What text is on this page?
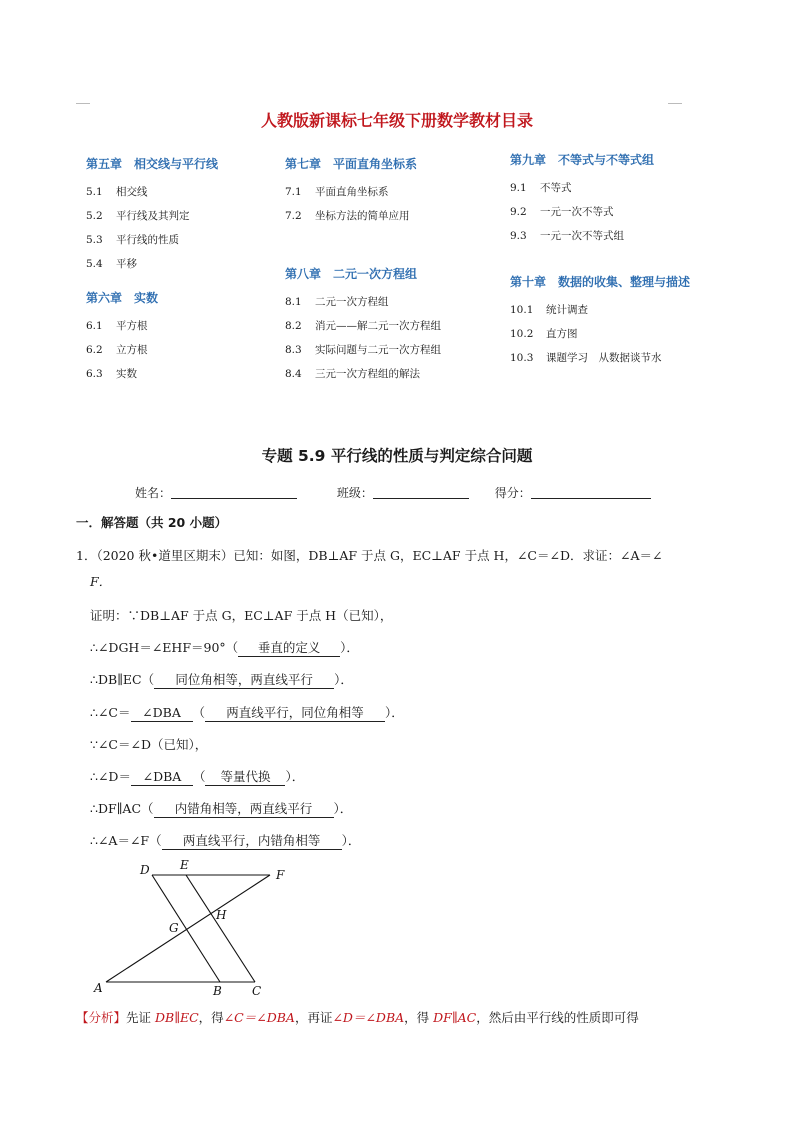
人教版新课标七年级下册数学教材目录
第五章　相交线与平行线
5.1 相交线
5.2 平行线及其判定
5.3 平行线的性质
5.4 平移
第六章　实数
6.1 平方根
6.2 立方根
6.3 实数
第七章　平面直角坐标系
7.1 平面直角坐标系
7.2 坐标方法的简单应用
第八章　二元一次方程组
8.1 二元一次方程组
8.2 消元——解二元一次方程组
8.3 实际问题与二元一次方程组
8.4 三元一次方程组的解法
第九章　不等式与不等式组
9.1 不等式
9.2 一元一次不等式
9.3 一元一次不等式组
第十章　数据的收集、整理与描述
10.1 统计调查
10.2 直方图
10.3 课题学习　从数据谈节水
专题 5.9 平行线的性质与判定综合问题
姓名：	班级：	得分：
一．解答题（共 20 小题）
1．（2020 秋•道里区期末）已知：如图，DB⊥AF 于点 G，EC⊥AF 于点 H，∠C＝∠D．求证：∠A＝∠
F．
证明：∵DB⊥AF 于点 G，EC⊥AF 于点 H（已知），
∴∠DGH＝∠EHF＝90°（ 垂直的定义 ）．
∴DB∥EC（ 同位角相等，两直线平行 ）．
∴∠C＝ ∠DBA （ 两直线平行，同位角相等 ）．
∵∠C＝∠D（已知），
∴∠D＝ ∠DBA （ 等量代换 ）．
∴DF∥AC（ 内错角相等，两直线平行 ）．
∴∠A＝∠F（ 两直线平行，内错角相等 ）．
D	E
F
G
H
A	B	C
【分析】先证 DB∥EC，得∠C＝∠DBA，再证∠D＝∠DBA，得 DF∥AC，然后由平行线的性质即可得
